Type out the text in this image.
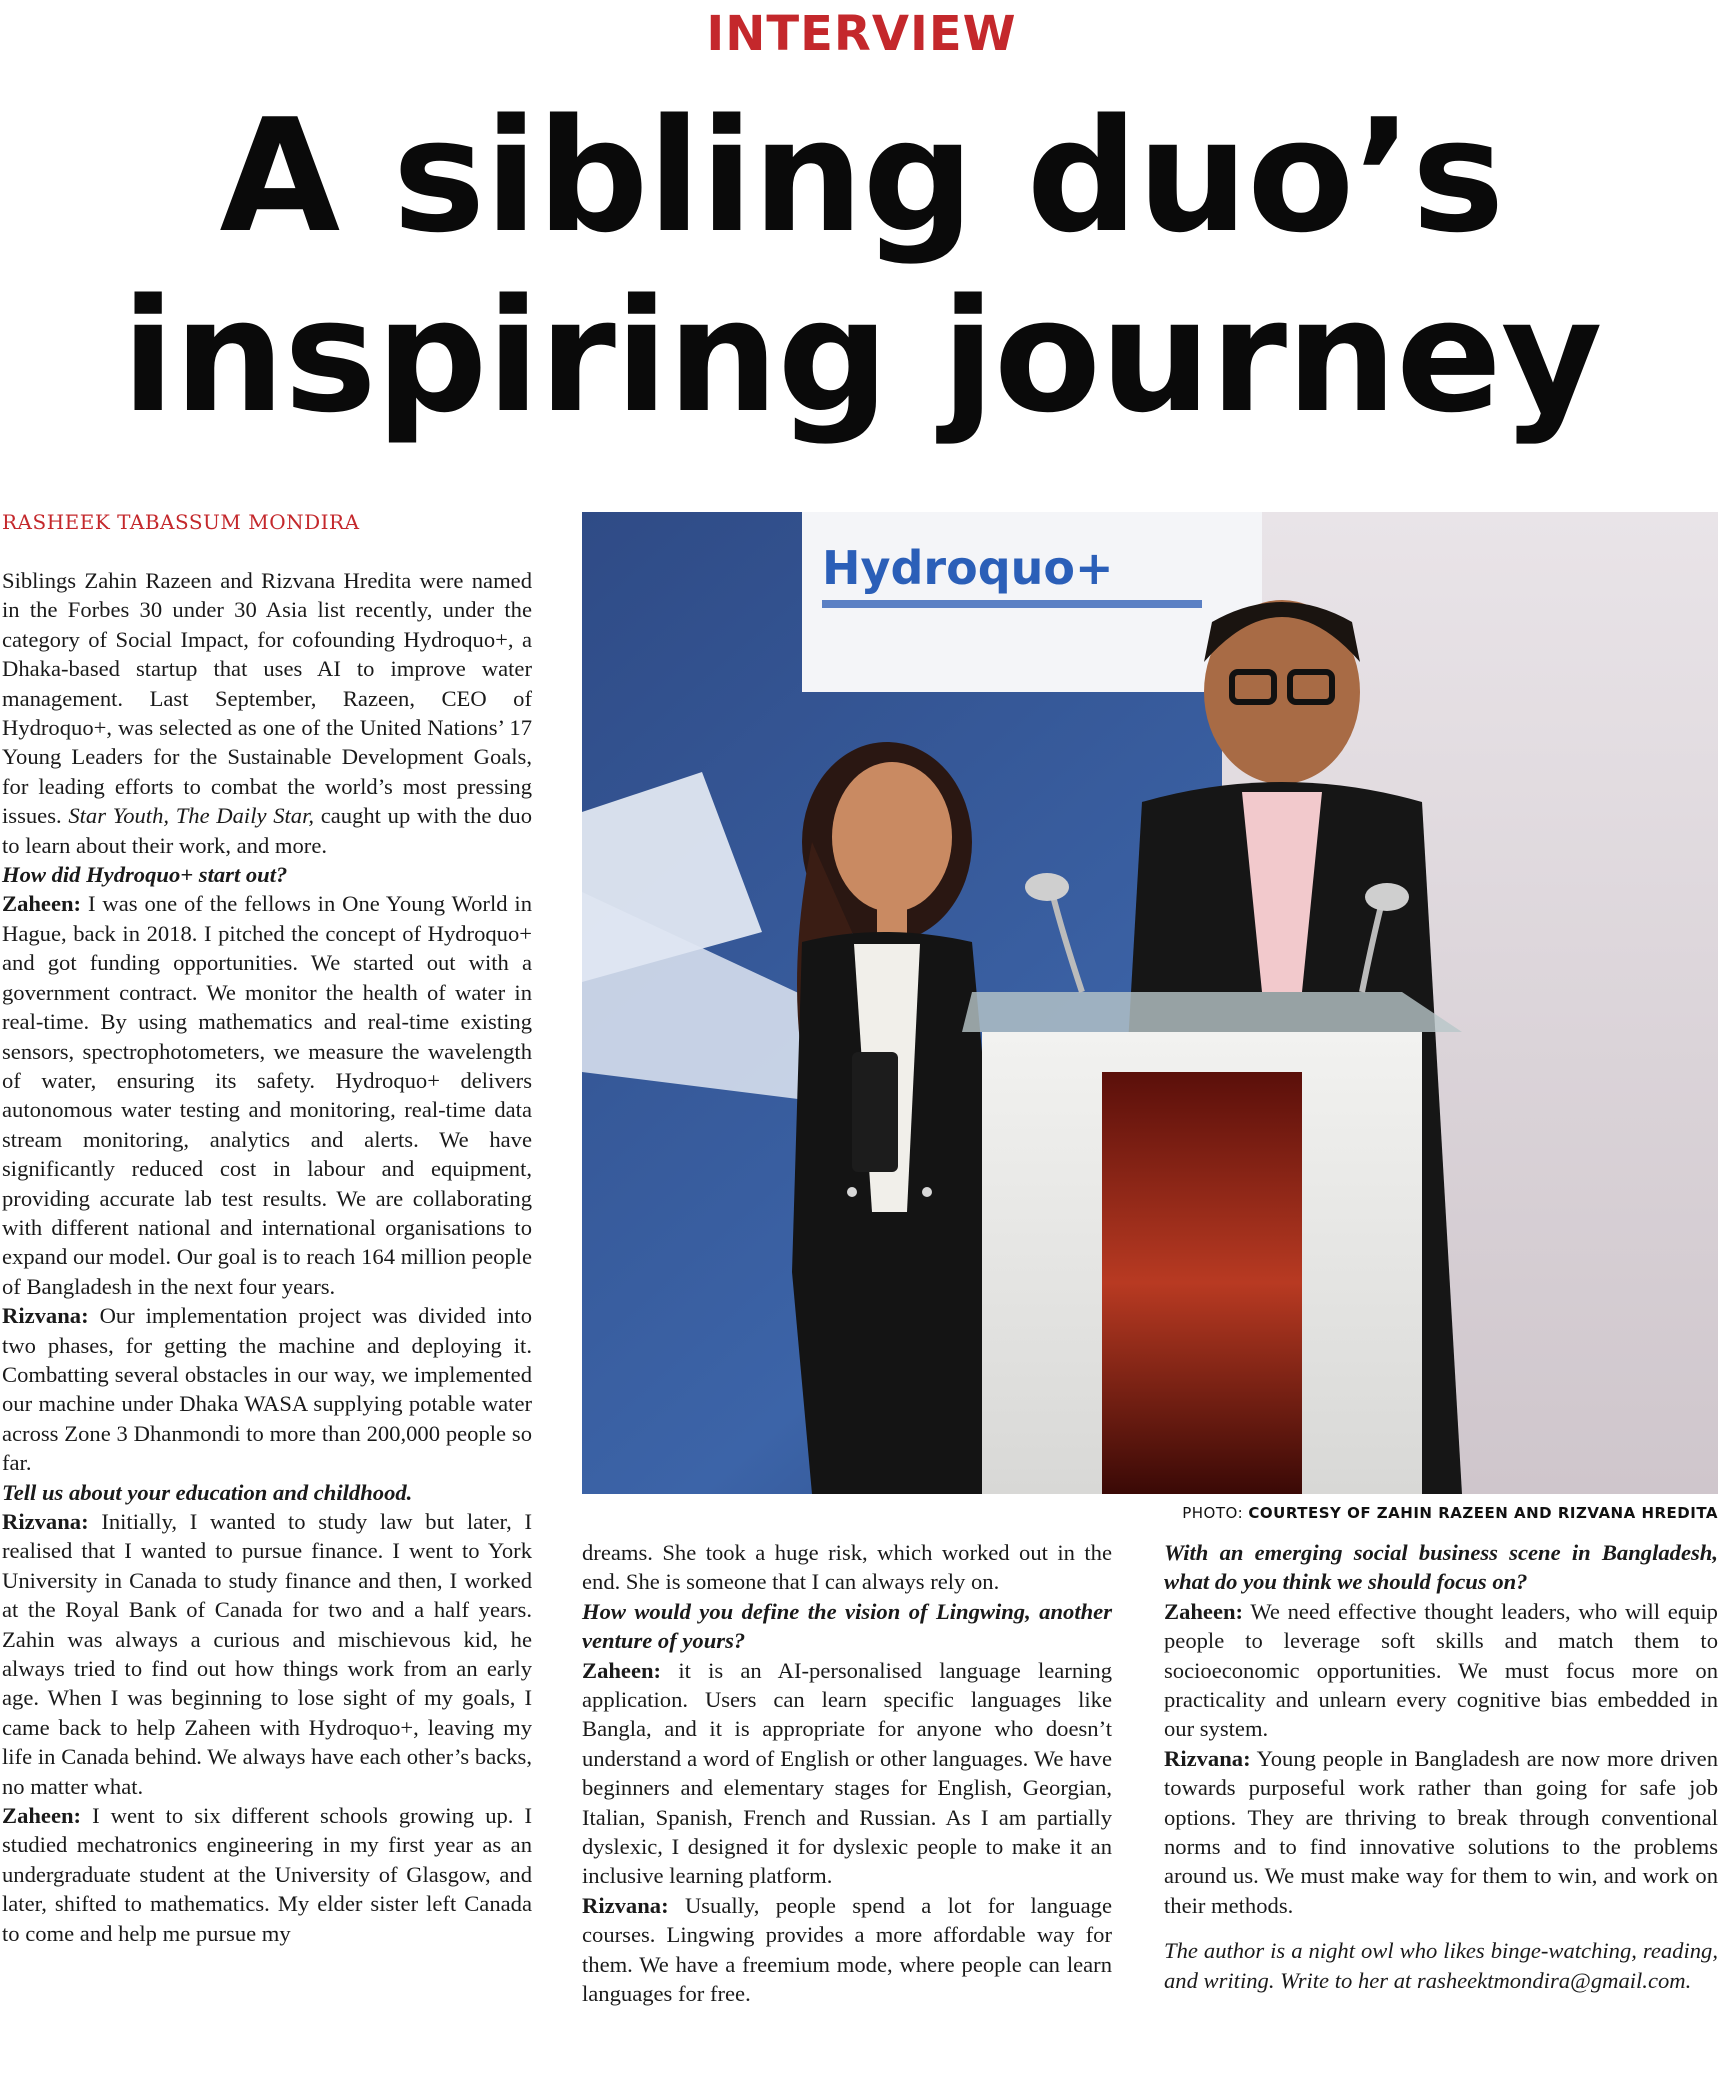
INTERVIEW
A sibling duo’s
inspiring journey
RASHEEK TABASSUM MONDIRA

Siblings Zahin Razeen and Rizvana Hredita were named in the Forbes 30 under 30 Asia list recently, under the category of Social Impact, for cofounding Hydroquo+, a Dhaka-based startup that uses AI to improve water management. Last September, Razeen, CEO of Hydroquo+, was selected as one of the United Nations’ 17 Young Leaders for the Sustainable Development Goals, for leading efforts to combat the world’s most pressing issues. Star Youth, The Daily Star, caught up with the duo to learn about their work, and more.

How did Hydroquo+ start out?

Zaheen: I was one of the fellows in One Young World in Hague, back in 2018. I pitched the concept of Hydroquo+ and got funding opportunities. We started out with a government contract. We monitor the health of water in real-time. By using mathematics and real-time existing sensors, spectrophotometers, we measure the wavelength of water, ensuring its safety. Hydroquo+ delivers autonomous water testing and monitoring, real-time data stream monitoring, analytics and alerts. We have significantly reduced cost in labour and equipment, providing accurate lab test results. We are collaborating with different national and international organisations to expand our model. Our goal is to reach 164 million people of Bangladesh in the next four years.

Rizvana: Our implementation project was divided into two phases, for getting the machine and deploying it. Combatting several obstacles in our way, we implemented our machine under Dhaka WASA supplying potable water across Zone 3 Dhanmondi to more than 200,000 people so far.

Tell us about your education and childhood.

Rizvana: Initially, I wanted to study law but later, I realised that I wanted to pursue finance. I went to York University in Canada to study finance and then, I worked at the Royal Bank of Canada for two and a half years. Zahin was always a curious and mischievous kid, he always tried to find out how things work from an early age. When I was beginning to lose sight of my goals, I came back to help Zaheen with Hydroquo+, leaving my life in Canada behind. We always have each other’s backs, no matter what.

Zaheen: I went to six different schools growing up. I studied mechatronics engineering in my first year as an undergraduate student at the University of Glasgow, and later, shifted to mathematics. My elder sister left Canada to come and help me pursue my

Hydroquo+
PHOTO: COURTESY OF ZAHIN RAZEEN AND RIZVANA HREDITA

dreams. She took a huge risk, which worked out in the end. She is someone that I can always rely on.

How would you define the vision of Lingwing, another venture of yours?

Zaheen: it is an AI-personalised language learning application. Users can learn specific languages like Bangla, and it is appropriate for anyone who doesn’t understand a word of English or other languages. We have beginners and elementary stages for English, Georgian, Italian, Spanish, French and Russian. As I am partially dyslexic, I designed it for dyslexic people to make it an inclusive learning platform.

Rizvana: Usually, people spend a lot for language courses. Lingwing provides a more affordable way for them. We have a freemium mode, where people can learn languages for free.

With an emerging social business scene in Bangladesh, what do you think we should focus on?

Zaheen: We need effective thought leaders, who will equip people to leverage soft skills and match them to socioeconomic opportunities. We must focus more on practicality and unlearn every cognitive bias embedded in our system.

Rizvana: Young people in Bangladesh are now more driven towards purposeful work rather than going for safe job options. They are thriving to break through conventional norms and to find innovative solutions to the problems around us. We must make way for them to win, and work on their methods.

The author is a night owl who likes binge-watching, reading, and writing. Write to her at rasheektmondira@gmail.com.
